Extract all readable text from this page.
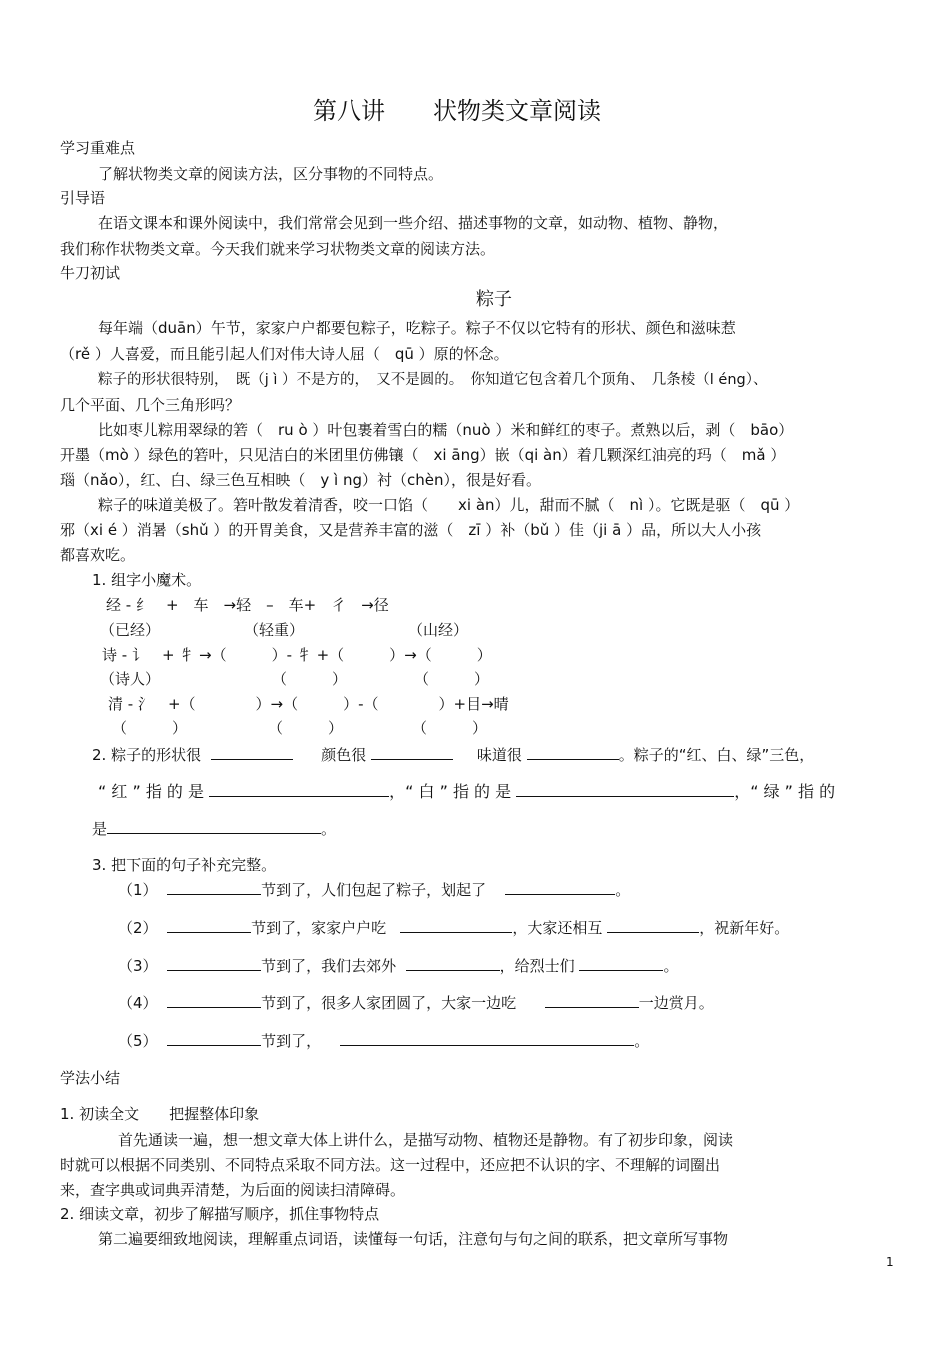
第八讲　　状物类文章阅读
学习重难点
了解状物类文章的阅读方法，区分事物的不同特点。
引导语
在语文课本和课外阅读中，我们常常会见到一些介绍、描述事物的文章，如动物、植物、静物，
我们称作状物类文章。今天我们就来学习状物类文章的阅读方法。
牛刀初试
粽子
每年端（duān）午节，家家户户都要包粽子，吃粽子。粽子不仅以它特有的形状、颜色和滋味惹
（rě ）人喜爱，而且能引起人们对伟大诗人屈（　qū ）原的怀念。
粽子的形状很特别，　既（j ì ）不是方的，　又不是圆的。　你知道它包含着几个顶角、　几条棱（l éng）、
几个平面、几个三角形吗？
比如枣儿粽用翠绿的箬（　ru ò ）叶包裹着雪白的糯（nuò ）米和鲜红的枣子。煮熟以后，剥（　bāo）
开墨（mò ）绿色的箬叶，只见洁白的米团里仿佛镶（　xi āng）嵌（qi àn）着几颗深红油亮的玛（　mǎ ）
瑙（nǎo），红、白、绿三色互相映（　y ì ng）衬（chèn），很是好看。
粽子的味道美极了。箬叶散发着清香，咬一口馅（　　xi àn）儿，甜而不腻（　nì ）。它既是驱（　qū ）
邪（xi é ）消暑（shǔ ）的开胃美食，又是营养丰富的滋（　zī ）补（bǔ ）佳（ji ā ）品，所以大人小孩
都喜欢吃。
1. 组字小魔术。
经 - 纟　+　车　→轻　–　车+　彳　→径
（已经）	（轻重）	（山经）
诗 - 讠　+ 牜 →（　　　）- 牜 +（　　　）→（　　　）
（诗人）	（　　　）	（　　　）
清 - 氵　+（　　　　）→（　　　）-（　　　　）+目→晴
（　　　）	（　　　）	（　　　）
2. 粽子的形状很	颜色很	味道很	。粽子的“红、白、绿”三色，
“ 红 ” 指 的 是	，“ 白 ” 指 的 是	，“ 绿 ” 指 的
是	。
3. 把下面的句子补充完整。
（1）	节到了，人们包起了粽子，划起了	。
（2）	节到了，家家户户吃	，大家还相互	，祝新年好。
（3）	节到了，我们去郊外	，给烈士们	。
（4）	节到了，很多人家团圆了，大家一边吃	一边赏月。
（5）	节到了，	。
学法小结
1. 初读全文　　把握整体印象
首先通读一遍，想一想文章大体上讲什么，是描写动物、植物还是静物。有了初步印象，阅读
时就可以根据不同类别、不同特点采取不同方法。这一过程中，还应把不认识的字、不理解的词圈出
来，查字典或词典弄清楚，为后面的阅读扫清障碍。
2. 细读文章，初步了解描写顺序，抓住事物特点
第二遍要细致地阅读，理解重点词语，读懂每一句话，注意句与句之间的联系，把文章所写事物
1
